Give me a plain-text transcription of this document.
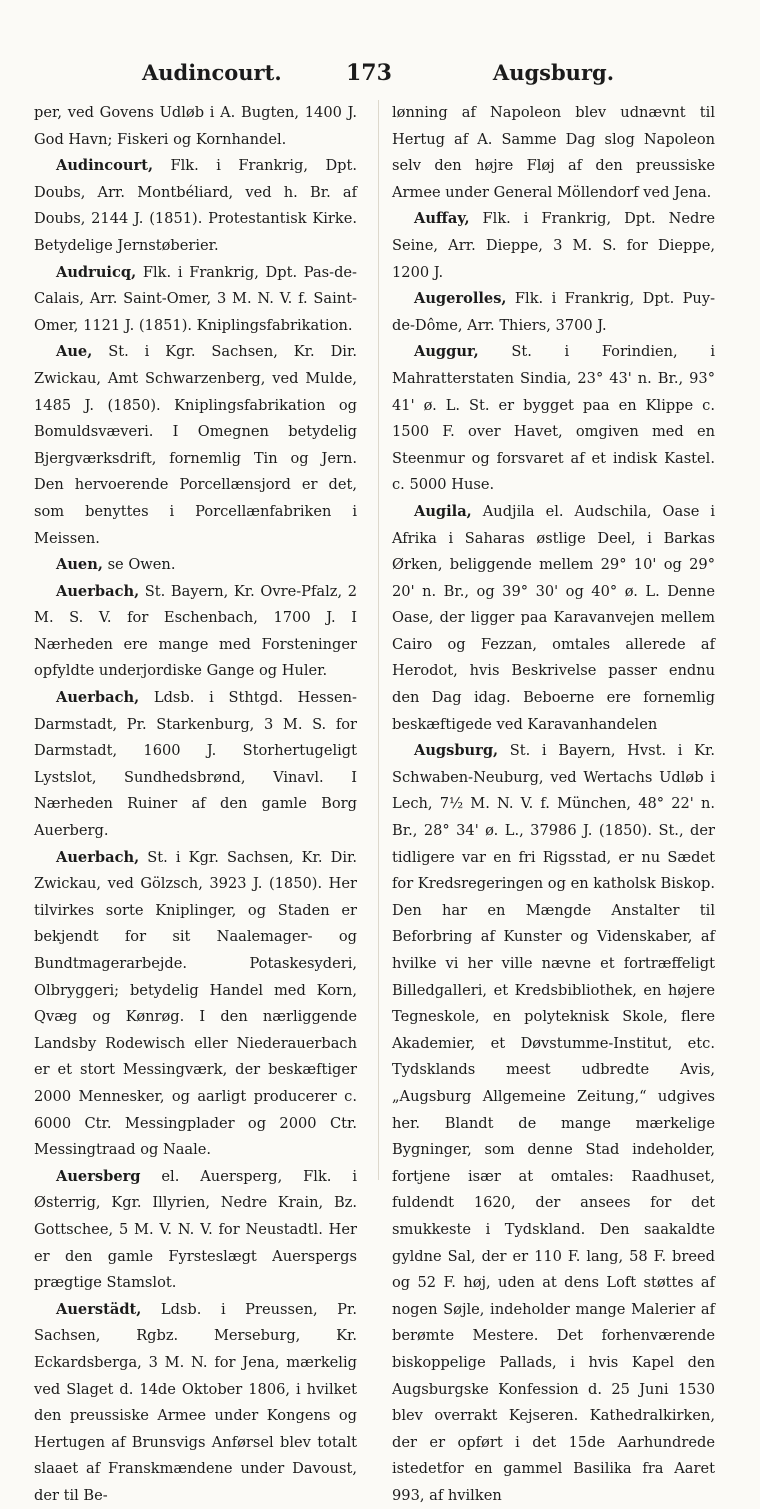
Audincourt.	173	Augsburg.

per, ved Govens Udløb i A. Bugten, 1400 J. God Havn; Fiskeri og Kornhandel.

Audincourt, Flk. i Frankrig, Dpt. Doubs, Arr. Montbéliard, ved h. Br. af Doubs, 2144 J. (1851). Protestantisk Kirke. Betydelige Jernstøberier.

Audruicq, Flk. i Frankrig, Dpt. Pas-de-Calais, Arr. Saint-Omer, 3 M. N. V. f. Saint-Omer, 1121 J. (1851). Kniplingsfabrikation.

Aue, St. i Kgr. Sachsen, Kr. Dir. Zwickau, Amt Schwarzenberg, ved Mulde, 1485 J. (1850). Kniplingsfabrikation og Bomuldsvæveri. I Omegnen betydelig Bjergværksdrift, fornemlig Tin og Jern. Den hervoerende Porcellænsjord er det, som benyttes i Porcellænfabriken i Meissen.

Auen, se Owen.

Auerbach, St. Bayern, Kr. Ovre-Pfalz, 2 M. S. V. for Eschenbach, 1700 J. I Nærheden ere mange med Forsteninger opfyldte underjordiske Gange og Huler.

Auerbach, Ldsb. i Sthtgd. Hessen-Darmstadt, Pr. Starkenburg, 3 M. S. for Darmstadt, 1600 J. Storhertugeligt Lystslot, Sundhedsbrønd, Vinavl. I Nærheden Ruiner af den gamle Borg Auerberg.

Auerbach, St. i Kgr. Sachsen, Kr. Dir. Zwickau, ved Gölzsch, 3923 J. (1850). Her tilvirkes sorte Kniplinger, og Staden er bekjendt for sit Naalemager- og Bundtmagerarbejde. Potaskesyderi, Olbryggeri; betydelig Handel med Korn, Qvæg og Kønrøg. I den nærliggende Landsby Rodewisch eller Niederauerbach er et stort Messingværk, der beskæftiger 2000 Mennesker, og aarligt producerer c. 6000 Ctr. Messingplader og 2000 Ctr. Messingtraad og Naale.

Auersberg el. Auersperg, Flk. i Østerrig, Kgr. Illyrien, Nedre Krain, Bz. Gottschee, 5 M. V. N. V. for Neustadtl. Her er den gamle Fyrsteslægt Auerspergs prægtige Stamslot.

Auerstädt, Ldsb. i Preussen, Pr. Sachsen, Rgbz. Merseburg, Kr. Eckardsberga, 3 M. N. for Jena, mærkelig ved Slaget d. 14de Oktober 1806, i hvilket den preussiske Armee under Kongens og Hertugen af Brunsvigs Anførsel blev totalt slaaet af Franskmændene under Davoust, der til Be-

lønning af Napoleon blev udnævnt til Hertug af A. Samme Dag slog Napoleon selv den højre Fløj af den preussiske Armee under General Möllendorf ved Jena.

Auffay, Flk. i Frankrig, Dpt. Nedre Seine, Arr. Dieppe, 3 M. S. for Dieppe, 1200 J.

Augerolles, Flk. i Frankrig, Dpt. Puy-de-Dôme, Arr. Thiers, 3700 J.

Auggur, St. i Forindien, i Mahratterstaten Sindia, 23° 43' n. Br., 93° 41' ø. L. St. er bygget paa en Klippe c. 1500 F. over Havet, omgiven med en Steenmur og forsvaret af et indisk Kastel. c. 5000 Huse.

Augila, Audjila el. Audschila, Oase i Afrika i Saharas østlige Deel, i Barkas Ørken, beliggende mellem 29° 10' og 29° 20' n. Br., og 39° 30' og 40° ø. L. Denne Oase, der ligger paa Karavanvejen mellem Cairo og Fezzan, omtales allerede af Herodot, hvis Beskrivelse passer endnu den Dag idag. Beboerne ere fornemlig beskæftigede ved Karavanhandelen

Augsburg, St. i Bayern, Hvst. i Kr. Schwaben-Neuburg, ved Wertachs Udløb i Lech, 7½ M. N. V. f. München, 48° 22' n. Br., 28° 34' ø. L., 37986 J. (1850). St., der tidligere var en fri Rigsstad, er nu Sædet for Kredsregeringen og en katholsk Biskop. Den har en Mængde Anstalter til Beforbring af Kunster og Videnskaber, af hvilke vi her ville nævne et fortræffeligt Billedgalleri, et Kredsbibliothek, en højere Tegneskole, en polyteknisk Skole, flere Akademier, et Døvstumme-Institut, etc. Tydsklands meest udbredte Avis, „Augsburg Allgemeine Zeitung,“ udgives her. Blandt de mange mærkelige Bygninger, som denne Stad indeholder, fortjene især at omtales: Raadhuset, fuldendt 1620, der ansees for det smukkeste i Tydskland. Den saakaldte gyldne Sal, der er 110 F. lang, 58 F. breed og 52 F. høj, uden at dens Loft støttes af nogen Søjle, indeholder mange Malerier af berømte Mestere. Det forhenværende biskoppelige Pallads, i hvis Kapel den Augsburgske Konfession d. 25 Juni 1530 blev overrakt Kejseren. Kathedralkirken, der er opført i det 15de Aarhundrede istedetfor en gammel Basilika fra Aaret 993, af hvilken
